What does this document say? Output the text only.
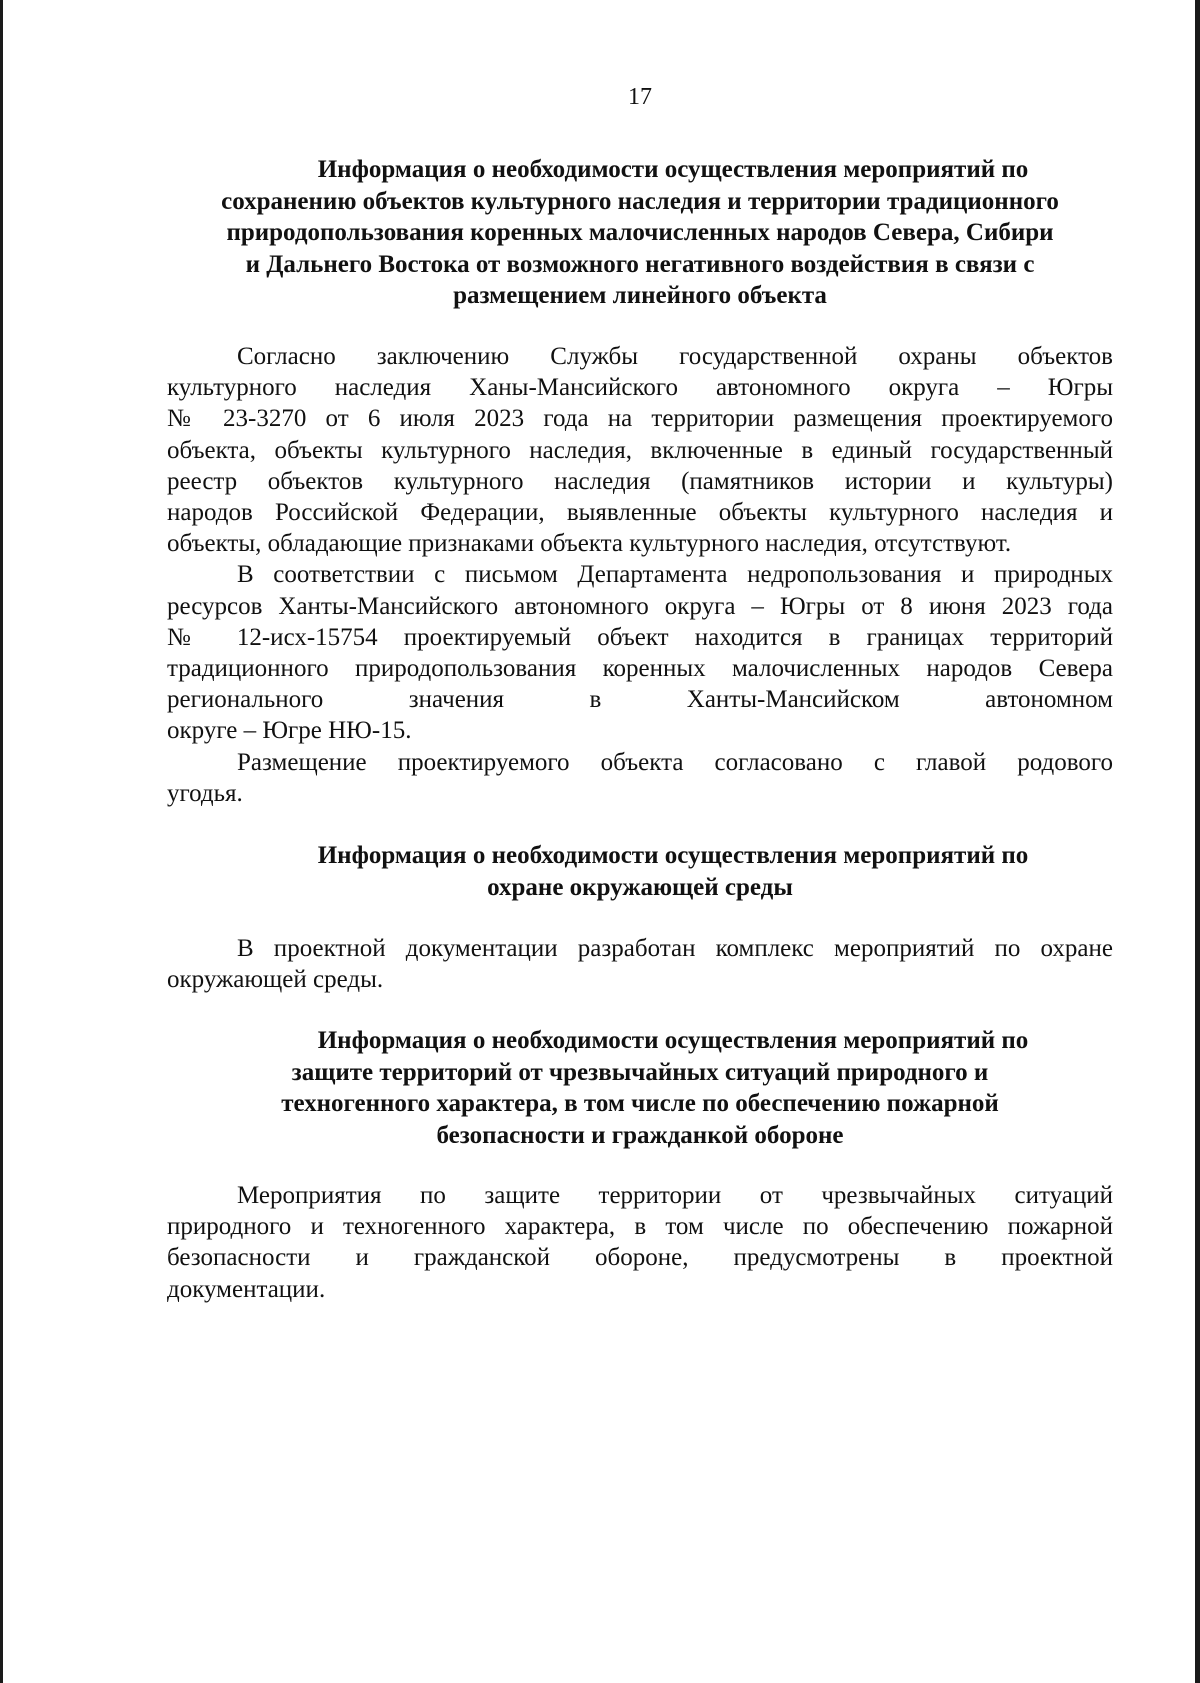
17
Информация о необходимости осуществления мероприятий по
сохранению объектов культурного наследия и территории традиционного
природопользования коренных малочисленных народов Севера, Сибири
и Дальнего Востока от возможного негативного воздействия в связи с
размещением линейного объекта

Согласно заключению Службы государственной охраны объектов
культурного наследия Ханы-Мансийского автономного округа – Югры
№ 23-3270 от 6 июля 2023 года на территории размещения проектируемого
объекта, объекты культурного наследия, включенные в единый государственный
реестр объектов культурного наследия (памятников истории и культуры)
народов Российской Федерации, выявленные объекты культурного наследия и
объекты, обладающие признаками объекта культурного наследия, отсутствуют.

В соответствии с письмом Департамента недропользования и природных
ресурсов Ханты-Мансийского автономного округа – Югры от 8 июня 2023 года
№ 12-исх-15754 проектируемый объект находится в границах территорий
традиционного природопользования коренных малочисленных народов Севера
регионального значения в Ханты-Мансийском автономном
округе – Югре НЮ-15.

Размещение проектируемого объекта согласовано с главой родового
угодья.

Информация о необходимости осуществления мероприятий по
охране окружающей среды

В проектной документации разработан комплекс мероприятий по охране
окружающей среды.

Информация о необходимости осуществления мероприятий по
защите территорий от чрезвычайных ситуаций природного и
техногенного характера, в том числе по обеспечению пожарной
безопасности и гражданкой обороне

Мероприятия по защите территории от чрезвычайных ситуаций
природного и техногенного характера, в том числе по обеспечению пожарной
безопасности и гражданской обороне, предусмотрены в проектной
документации.
